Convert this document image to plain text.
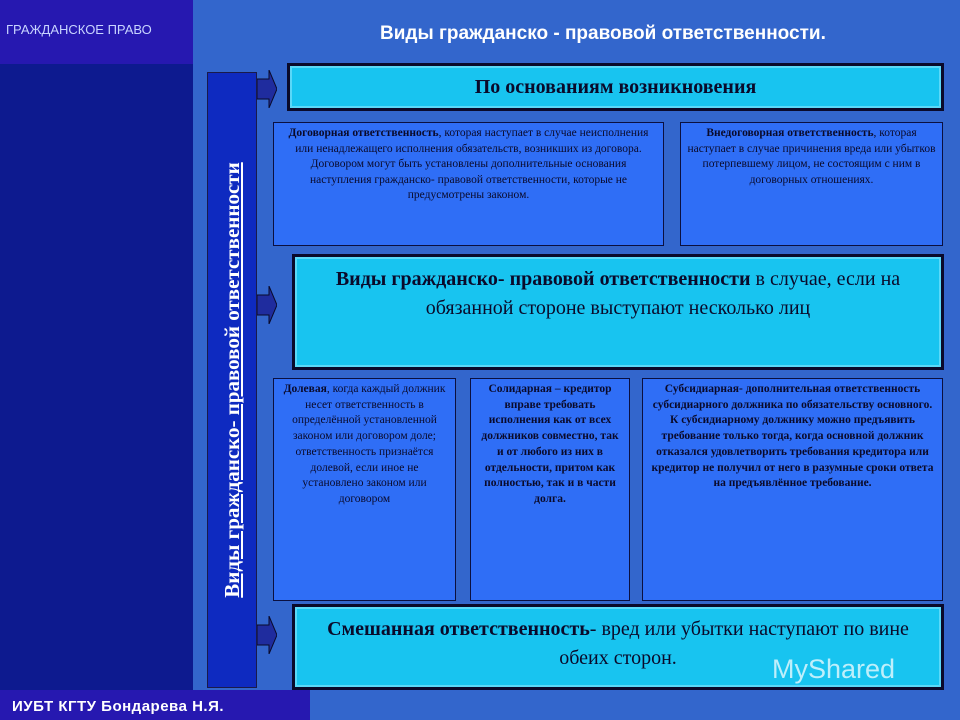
ГРАЖДАНСКОЕ ПРАВО	Виды гражданско - правовой ответственности.
Виды гражданско- правовой ответственности
По основаниям возникновения
Договорная ответственность, которая наступает в случае неисполнения или ненадлежащего исполнения обязательств, возникших из договора. Договором могут быть установлены дополнительные основания наступления гражданско- правовой ответственности, которые не предусмотрены законом.
Внедоговорная ответственность, которая наступает в случае причинения вреда или убытков потерпевшему лицом, не состоящим с ним в договорных отношениях.
Виды гражданско- правовой ответственности в случае, если на обязанной стороне выступают несколько лиц
Долевая, когда каждый должник несет ответственность в определённой установленной законом или договором доле; ответственность признаётся долевой, если иное не установлено законом или договором
Солидарная – кредитор вправе требовать исполнения как от всех должников совместно, так и от любого из них в отдельности, притом как полностью, так и в части долга.
Субсидиарная- дополнительная ответственность субсидиарного должника по обязательству основного. К субсидиарному должнику можно предъявить требование только тогда, когда основной должник отказался удовлетворить требования кредитора или кредитор не получил от него в разумные сроки ответа на предъявлённое требование.
Смешанная ответственность- вред или убытки наступают по вине обеих сторон.
ИУБТ КГТУ Бондарева Н.Я.
MyShared
